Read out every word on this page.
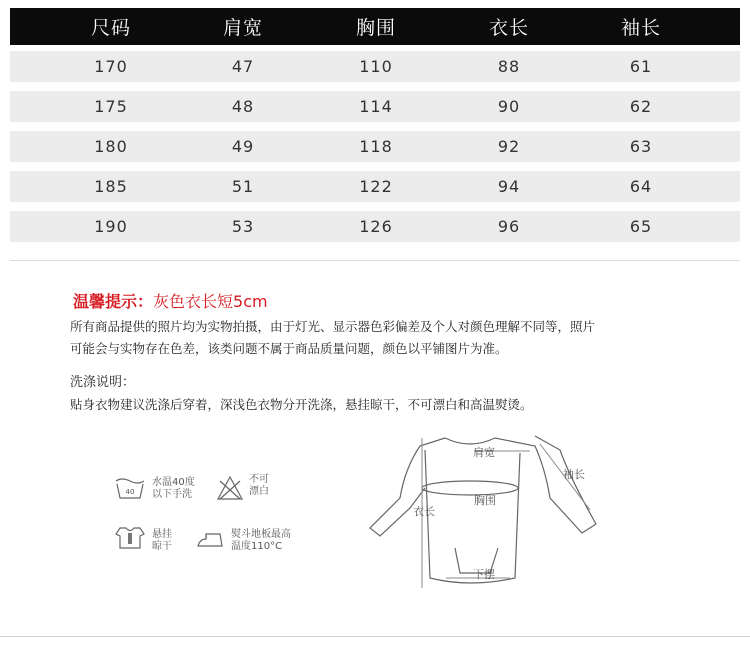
尺码	肩宽	胸围	衣长	袖长
170	47	110	88	61
175	48	114	90	62
180	49	118	92	63
185	51	122	94	64
190	53	126	96	65
温馨提示：灰色衣长短5cm
所有商品提供的照片均为实物拍摄，由于灯光、显示器色彩偏差及个人对颜色理解不同等，照片
可能会与实物存在色差，该类问题不属于商品质量问题，颜色以平铺图片为准。
洗涤说明：
贴身衣物建议洗涤后穿着，深浅色衣物分开洗涤，悬挂晾干，不可漂白和高温熨烫。
40
水温40度
以下手洗
不可
漂白
悬挂
晾干
熨斗地板最高
温度110°C
肩宽
袖长
衣长
胸围
下摆
